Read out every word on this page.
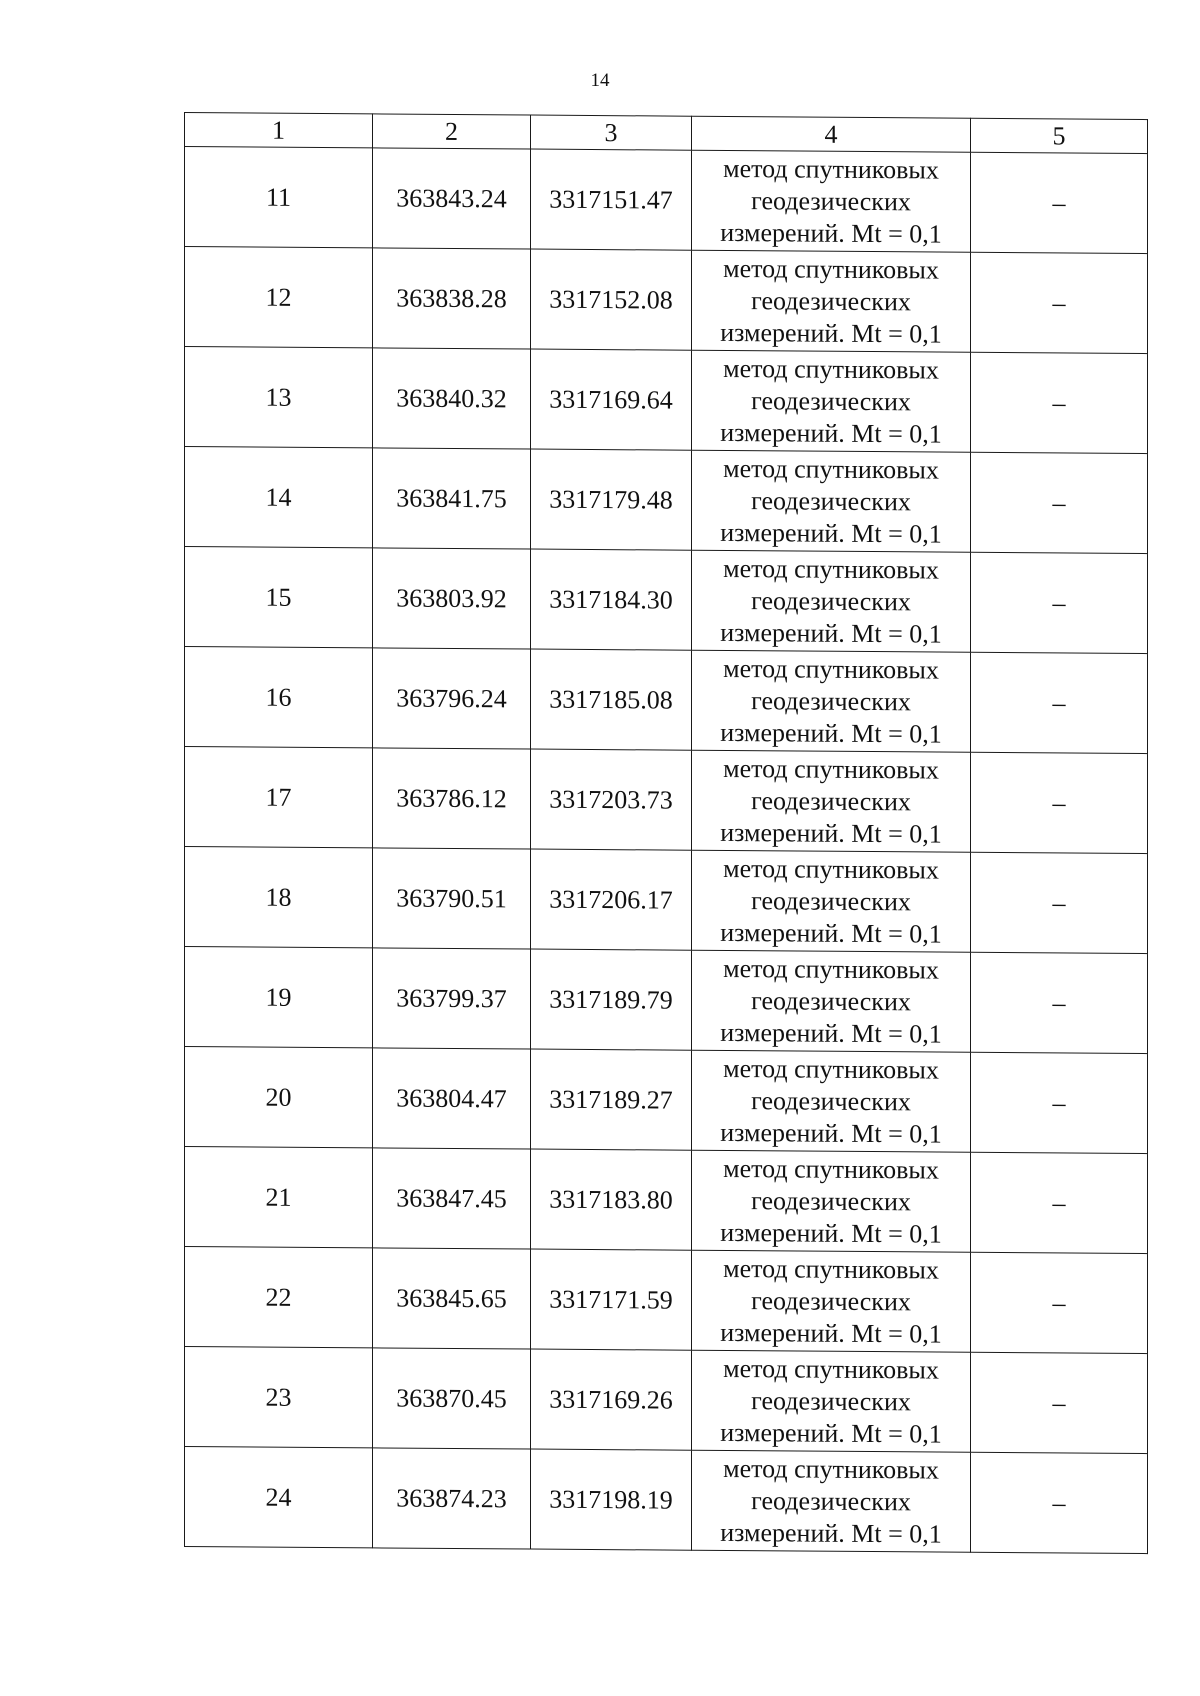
14
1	2	3	4	5
11	363843.24	3317151.47	метод спутниковых
геодезических
измерений. Mt = 0,1	–
12	363838.28	3317152.08	метод спутниковых
геодезических
измерений. Mt = 0,1	–
13	363840.32	3317169.64	метод спутниковых
геодезических
измерений. Mt = 0,1	–
14	363841.75	3317179.48	метод спутниковых
геодезических
измерений. Mt = 0,1	–
15	363803.92	3317184.30	метод спутниковых
геодезических
измерений. Mt = 0,1	–
16	363796.24	3317185.08	метод спутниковых
геодезических
измерений. Mt = 0,1	–
17	363786.12	3317203.73	метод спутниковых
геодезических
измерений. Mt = 0,1	–
18	363790.51	3317206.17	метод спутниковых
геодезических
измерений. Mt = 0,1	–
19	363799.37	3317189.79	метод спутниковых
геодезических
измерений. Mt = 0,1	–
20	363804.47	3317189.27	метод спутниковых
геодезических
измерений. Mt = 0,1	–
21	363847.45	3317183.80	метод спутниковых
геодезических
измерений. Mt = 0,1	–
22	363845.65	3317171.59	метод спутниковых
геодезических
измерений. Mt = 0,1	–
23	363870.45	3317169.26	метод спутниковых
геодезических
измерений. Mt = 0,1	–
24	363874.23	3317198.19	метод спутниковых
геодезических
измерений. Mt = 0,1	–
